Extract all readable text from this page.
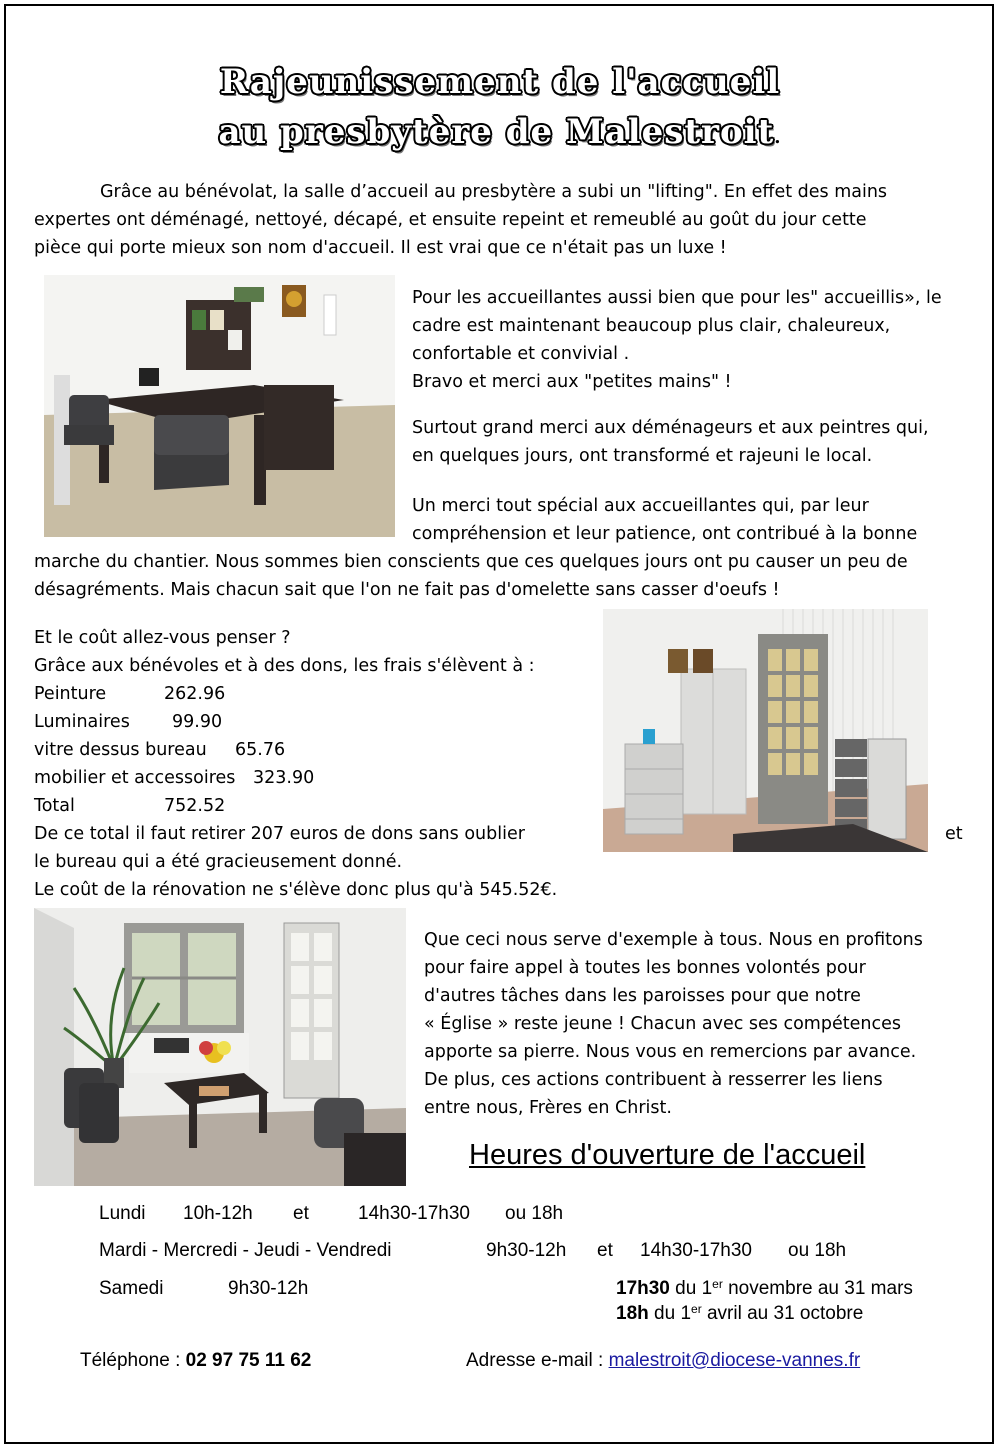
Rajeunissement de l'accueil
au presbytère de Malestroit.
Grâce au bénévolat, la salle d’accueil au presbytère a subi un "lifting". En effet des mains
expertes ont déménagé, nettoyé, décapé, et ensuite repeint et remeublé au goût du jour cette
pièce qui porte mieux son nom d'accueil. Il est vrai que ce n'était pas un luxe !
Pour les accueillantes aussi bien que pour les" accueillis», le
cadre est maintenant beaucoup plus clair, chaleureux,
confortable et convivial .
Bravo et merci aux "petites mains" !
Surtout grand merci aux déménageurs et aux peintres qui,
en quelques jours, ont transformé et rajeuni le local.
Un merci tout spécial aux accueillantes qui, par leur
compréhension et leur patience, ont contribué à la bonne
marche du chantier. Nous sommes bien conscients que ces quelques jours ont pu causer un peu de
désagréments. Mais chacun sait que l'on ne fait pas d'omelette sans casser d'oeufs !
Et le coût allez-vous penser ?
Grâce aux bénévoles et à des dons, les frais s'élèvent à :
Peinture	262.96
Luminaires 99.90
vitre dessus bureau 65.76
mobilier et accessoires 323.90
Total	752.52
De ce total il faut retirer 207 euros de dons sans oublier	et
le bureau qui a été gracieusement donné.
Le coût de la rénovation ne s'élève donc plus qu'à 545.52€.
Que ceci nous serve d'exemple à tous. Nous en profitons
pour faire appel à toutes les bonnes volontés pour
d'autres tâches dans les paroisses pour que notre
« Église » reste jeune ! Chacun avec ses compétences
apporte sa pierre. Nous vous en remercions par avance.
De plus, ces actions contribuent à resserrer les liens
entre nous, Frères en Christ.
Heures d'ouverture de l'accueil
Lundi 10h-12h et	14h30-17h30 ou 18h
Mardi - Mercredi - Jeudi - Vendredi	9h30-12h et 14h30-17h30 ou 18h
Samedi	9h30-12h	17h30 du 1er novembre au 31 mars
18h du 1er avril au 31 octobre
Téléphone : 02 97 75 11 62	Adresse e-mail : malestroit@diocese-vannes.fr
